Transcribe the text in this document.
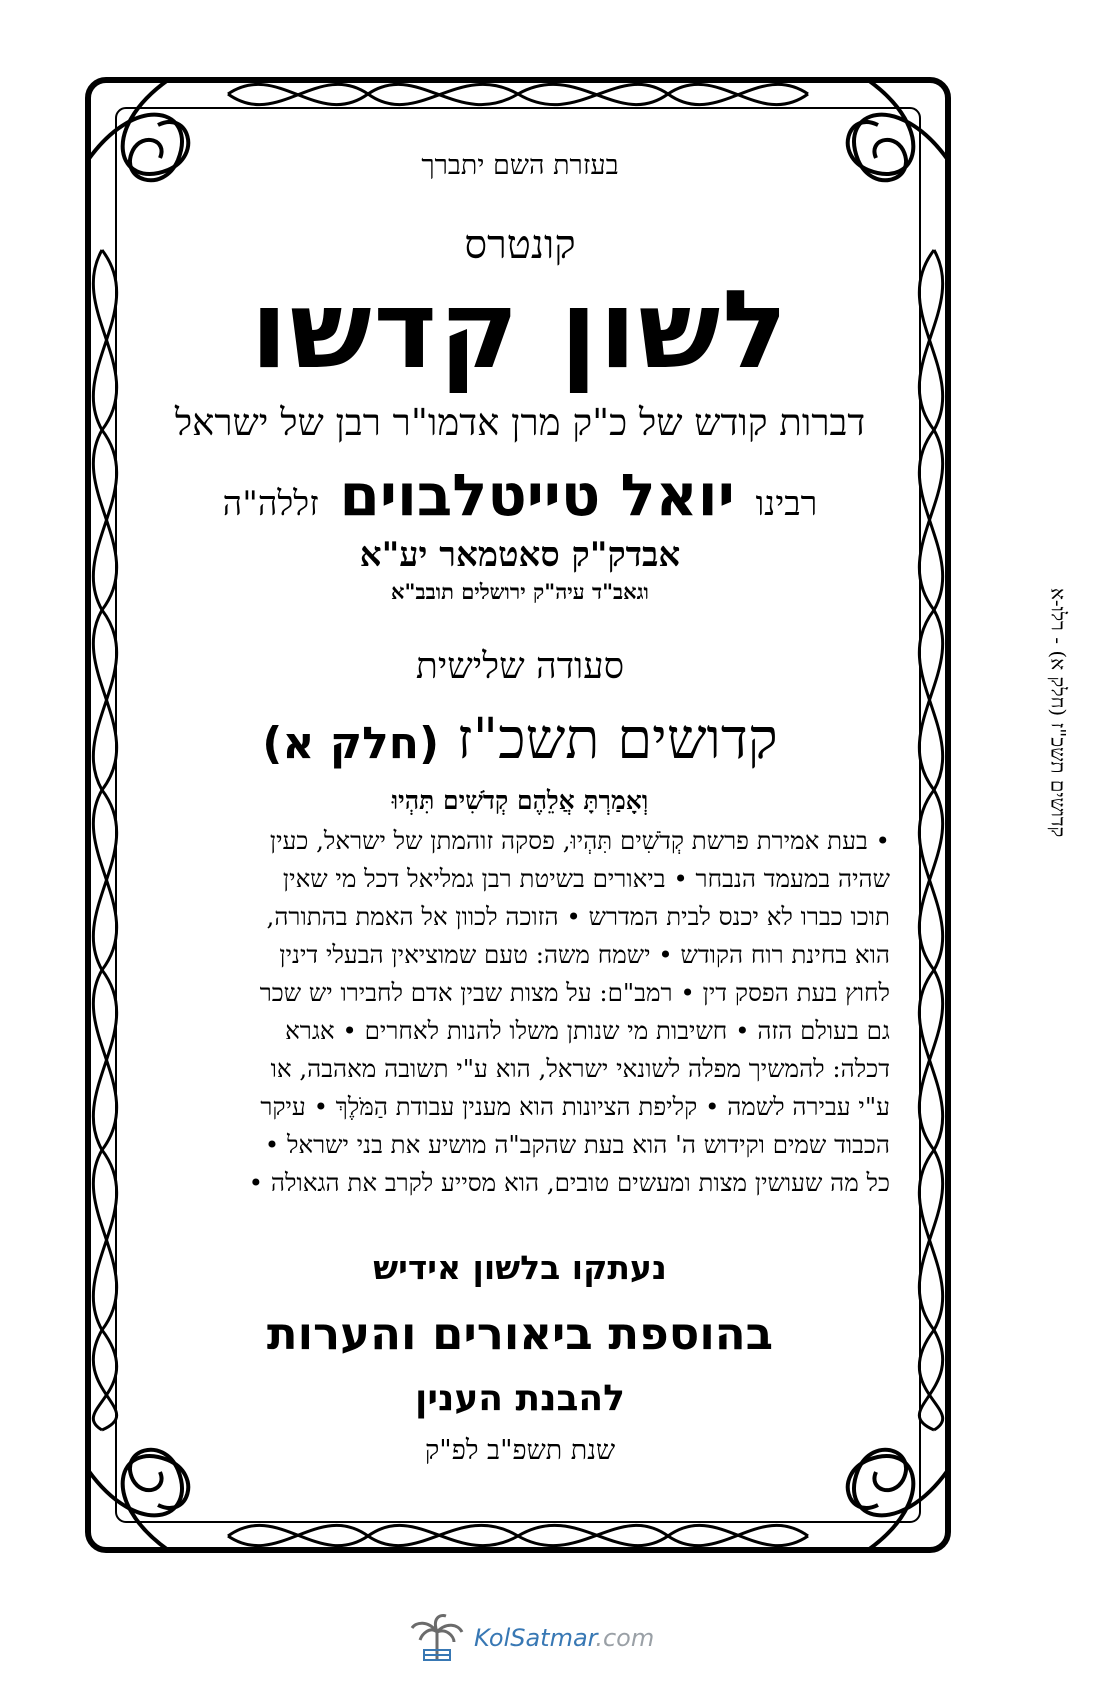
בעזרת השם יתברך
קונטרס
לשון קדשו
דברות קודש של כ"ק מרן אדמו"ר רבן של ישראל
רבינו יואל טייטלבוים זללה"ה
אבדק"ק סאטמאר יע"א
וגאב"ד עיה"ק ירושלים תובב"א
סעודה שלישית
קדושים תשכ"ז (חלק א)
וְאָמַרְתָּ אֲלֵהֶם קְדֹשִׁים תִּהְיוּ
• בעת אמירת פרשת קְדֹשִׁים תִּהְיוּ, פסקה זוהמתן של ישראל, כעין
שהיה במעמד הנבחר • ביאורים בשיטת רבן גמליאל דכל מי שאין
תוכו כברו לא יכנס לבית המדרש • הזוכה לכוון אל האמת בהתורה,
הוא בחינת רוח הקודש • ישמח משה: טעם שמוציאין הבעלי דינין
לחוץ בעת הפסק דין • רמב"ם: על מצות שבין אדם לחבירו יש שכר
גם בעולם הזה • חשיבות מי שנותן משלו להנות לאחרים • אגרא
דכלה: להמשיך מפלה לשונאי ישראל, הוא ע"י תשובה מאהבה, או
ע"י עבירה לשמה • קליפת הציונות הוא מענין עבודת הַמֹּלֶךְ • עיקר
הכבוד שמים וקידוש ה' הוא בעת שהקב"ה מושיע את בני ישראל •
כל מה שעושין מצות ומעשים טובים, הוא מסייע לקרב את הגאולה •
נעתקו בלשון אידיש
בהוספת ביאורים והערות
להבנת הענין
שנת תשפ"ב לפ"ק
קדושים תשכ"ז (חלק א) - רלו-א
KolSatmar.com
